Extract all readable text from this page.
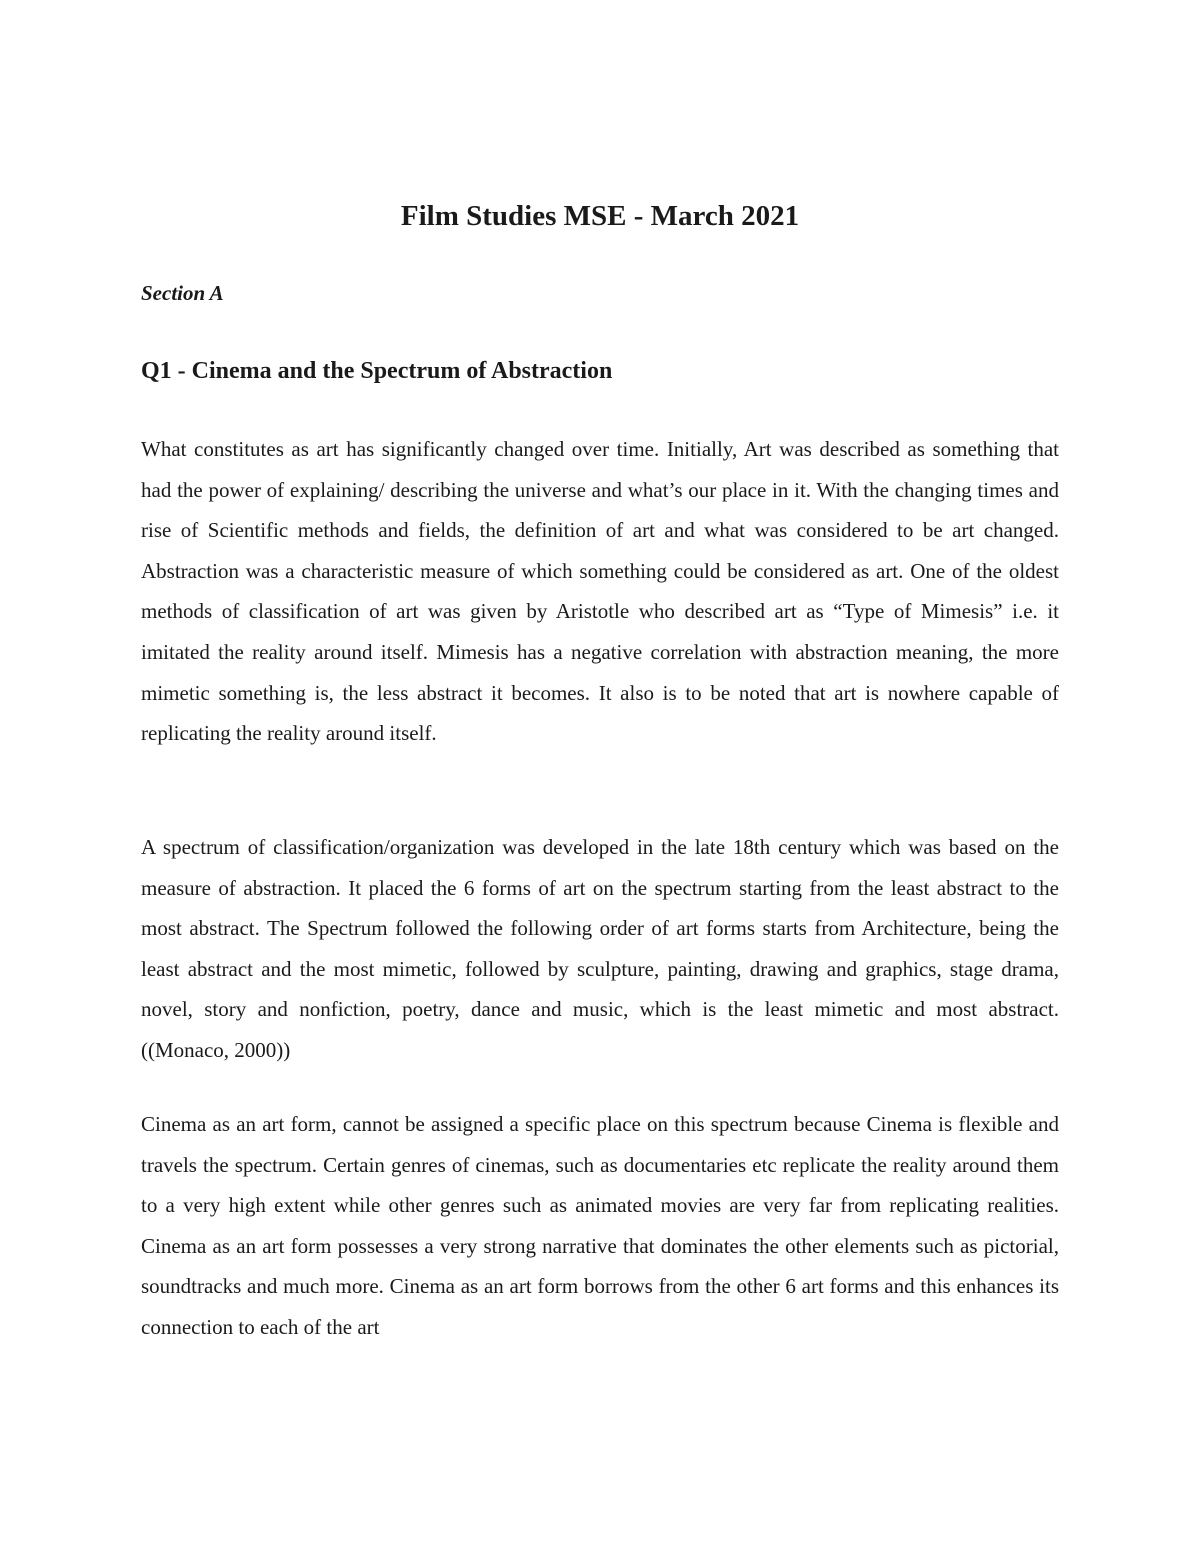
Film Studies MSE - March 2021
Section A
Q1 - Cinema and the Spectrum of Abstraction

What constitutes as art has significantly changed over time. Initially, Art was described as something that had the power of explaining/ describing the universe and what’s our place in it. With the changing times and rise of Scientific methods and fields, the definition of art and what was considered to be art changed. Abstraction was a characteristic measure of which something could be considered as art. One of the oldest methods of classification of art was given by Aristotle who described art as “Type of Mimesis” i.e. it imitated the reality around itself. Mimesis has a negative correlation with abstraction meaning, the more mimetic something is, the less abstract it becomes. It also is to be noted that art is nowhere capable of replicating the reality around itself.

A spectrum of classification/organization was developed in the late 18th century which was based on the measure of abstraction. It placed the 6 forms of art on the spectrum starting from the least abstract to the most abstract. The Spectrum followed the following order of art forms starts from Architecture, being the least abstract and the most mimetic, followed by sculpture, painting, drawing and graphics, stage drama, novel, story and nonfiction, poetry, dance and music, which is the least mimetic and most abstract. ((Monaco, 2000))

Cinema as an art form, cannot be assigned a specific place on this spectrum because Cinema is flexible and travels the spectrum. Certain genres of cinemas, such as documentaries etc replicate the reality around them to a very high extent while other genres such as animated movies are very far from replicating realities. Cinema as an art form possesses a very strong narrative that dominates the other elements such as pictorial, soundtracks and much more. Cinema as an art form borrows from the other 6 art forms and this enhances its connection to each of the art
